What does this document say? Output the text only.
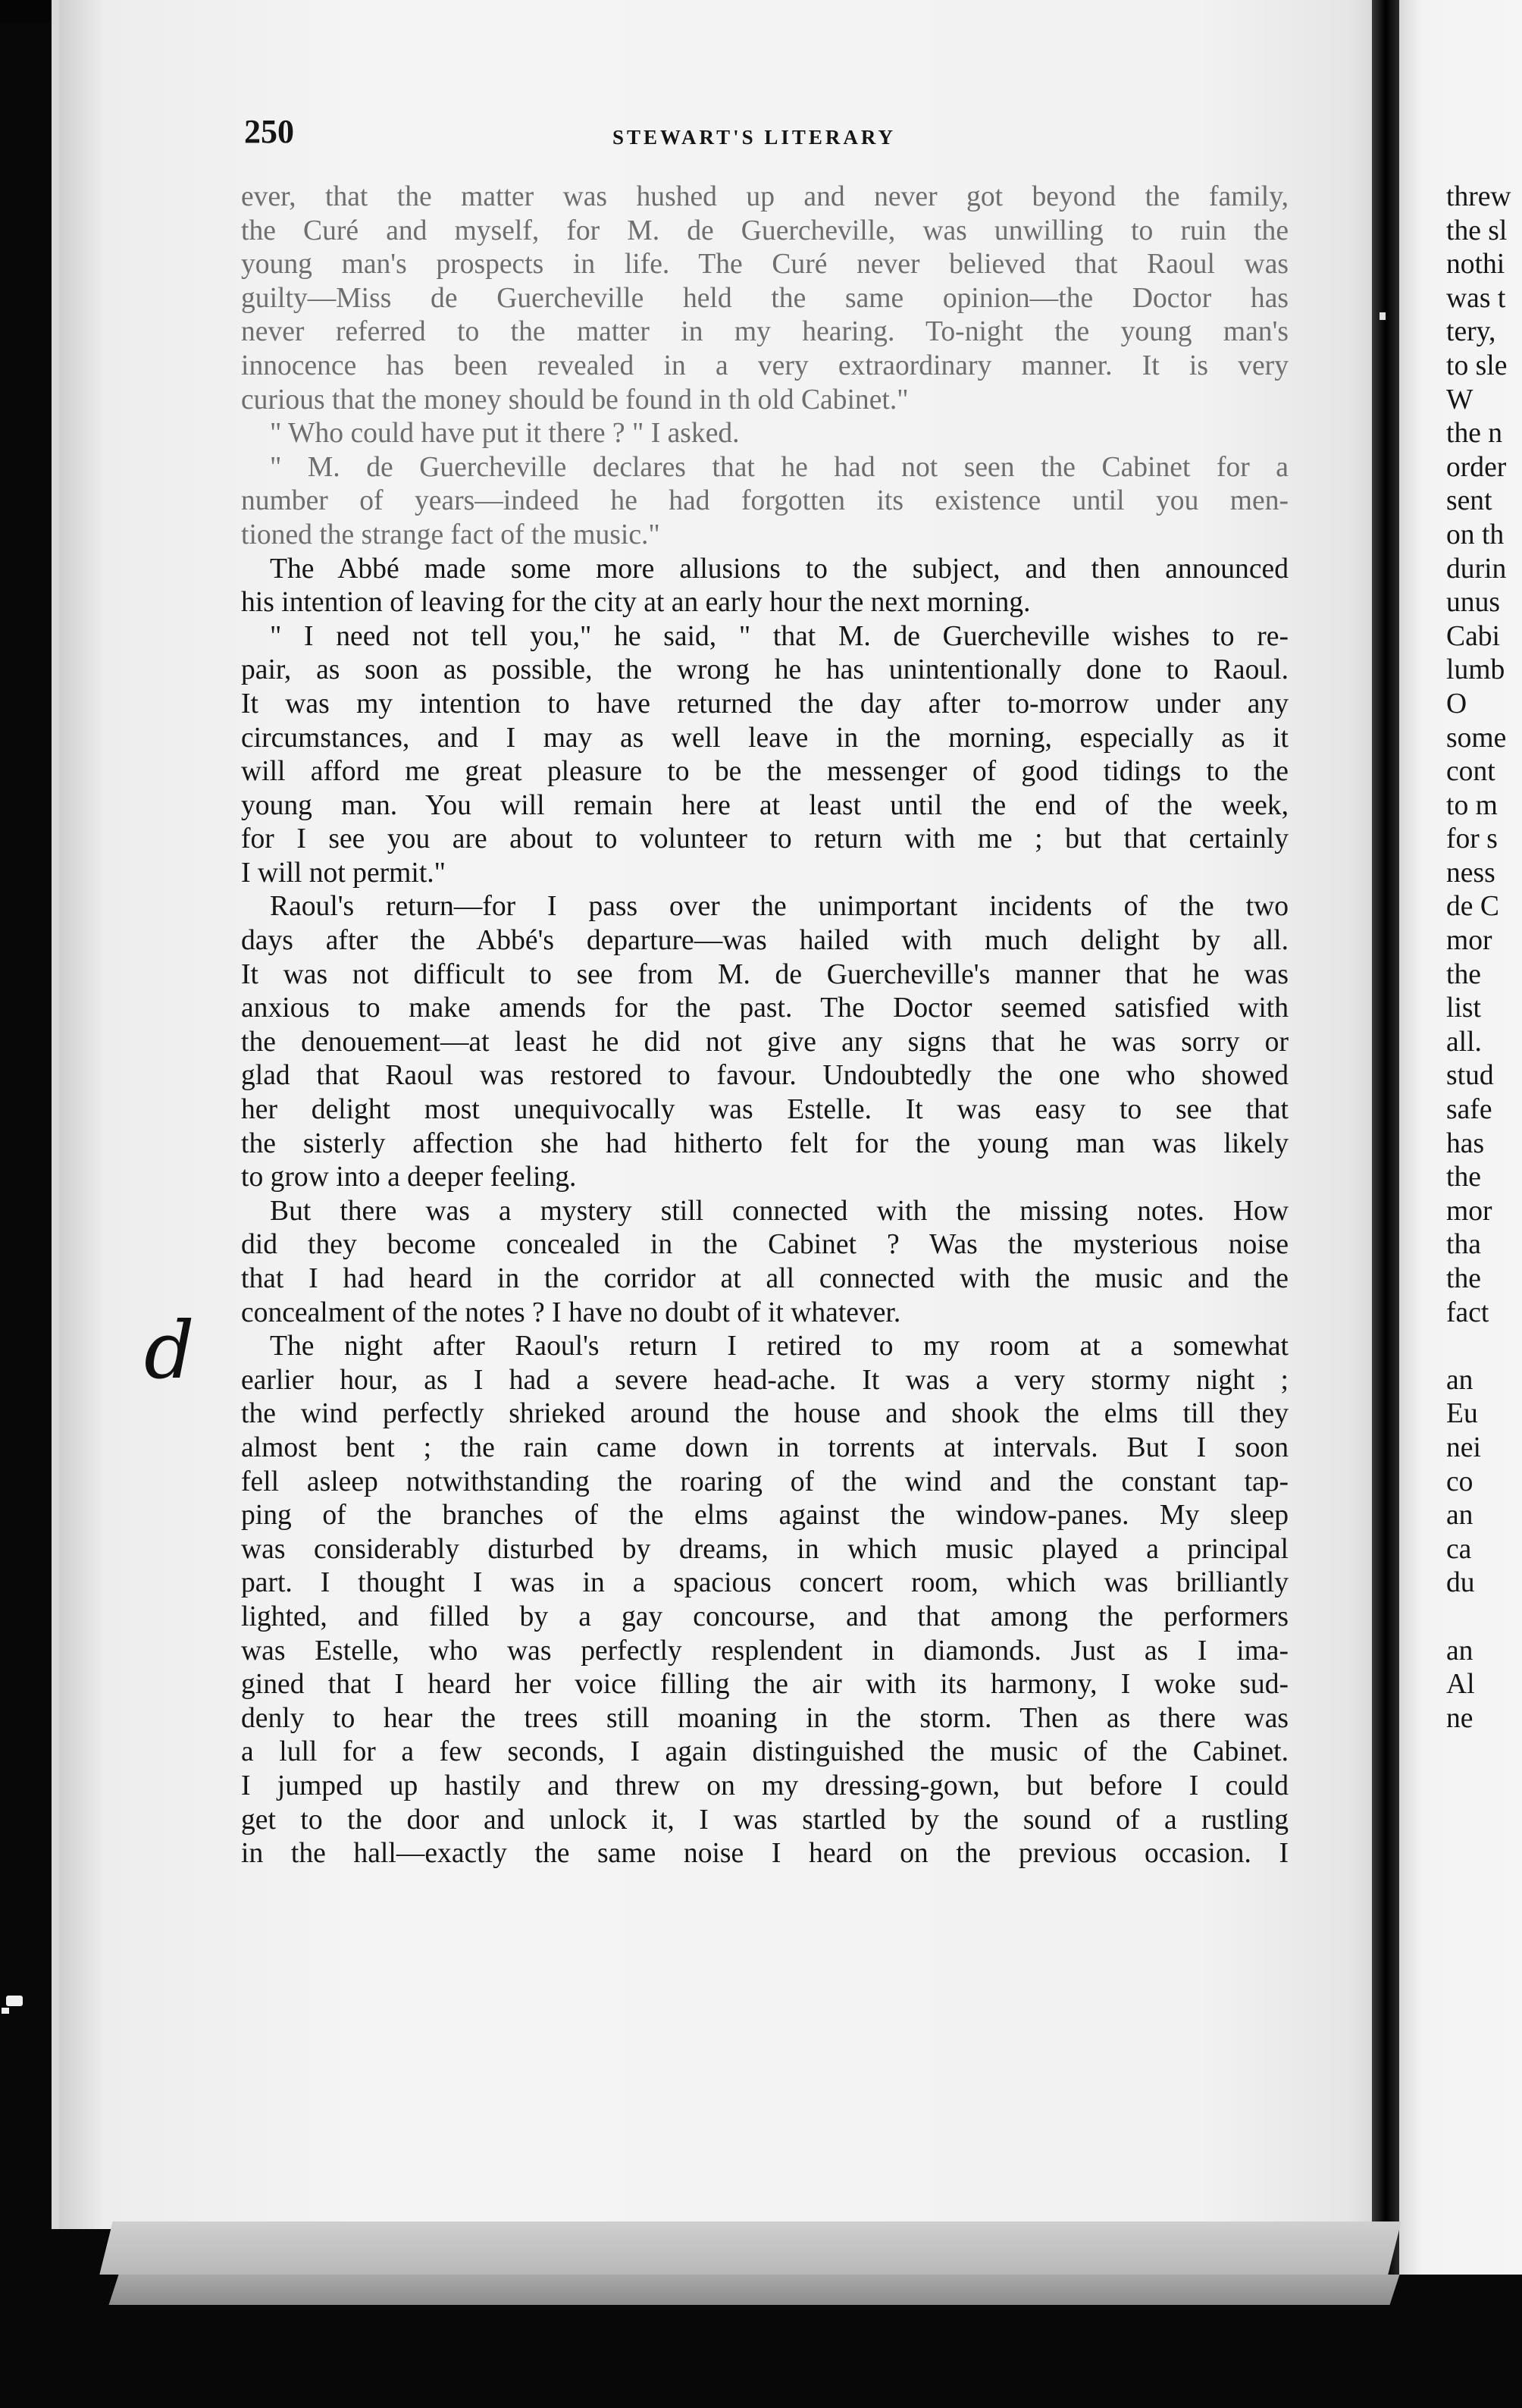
250	STEWART'S LITERARY
ever, that the matter was hushed up and never got beyond the family,
the Curé and myself, for M. de Guercheville, was unwilling to ruin the
young man's prospects in life. The Curé never believed that Raoul was
guilty—Miss de Guercheville held the same opinion—the Doctor has
never referred to the matter in my hearing. To-night the young man's
innocence has been revealed in a very extraordinary manner. It is very
curious that the money should be found in th old Cabinet."
" Who could have put it there ? " I asked.
" M. de Guercheville declares that he had not seen the Cabinet for a
number of years—indeed he had forgotten its existence until you men-
tioned the strange fact of the music."
The Abbé made some more allusions to the subject, and then announced
his intention of leaving for the city at an early hour the next morning.
" I need not tell you," he said, " that M. de Guercheville wishes to re-
pair, as soon as possible, the wrong he has unintentionally done to Raoul.
It was my intention to have returned the day after to-morrow under any
circumstances, and I may as well leave in the morning, especially as it
will afford me great pleasure to be the messenger of good tidings to the
young man. You will remain here at least until the end of the week,
for I see you are about to volunteer to return with me ; but that certainly
I will not permit."
Raoul's return—for I pass over the unimportant incidents of the two
days after the Abbé's departure—was hailed with much delight by all.
It was not difficult to see from M. de Guercheville's manner that he was
anxious to make amends for the past. The Doctor seemed satisfied with
the denouement—at least he did not give any signs that he was sorry or
glad that Raoul was restored to favour. Undoubtedly the one who showed
her delight most unequivocally was Estelle. It was easy to see that
the sisterly affection she had hitherto felt for the young man was likely
to grow into a deeper feeling.
But there was a mystery still connected with the missing notes. How
did they become concealed in the Cabinet ? Was the mysterious noise
that I had heard in the corridor at all connected with the music and the
concealment of the notes ? I have no doubt of it whatever.
The night after Raoul's return I retired to my room at a somewhat
earlier hour, as I had a severe head-ache. It was a very stormy night ;
the wind perfectly shrieked around the house and shook the elms till they
almost bent ; the rain came down in torrents at intervals. But I soon
fell asleep notwithstanding the roaring of the wind and the constant tap-
ping of the branches of the elms against the window-panes. My sleep
was considerably disturbed by dreams, in which music played a principal
part. I thought I was in a spacious concert room, which was brilliantly
lighted, and filled by a gay concourse, and that among the performers
was Estelle, who was perfectly resplendent in diamonds. Just as I ima-
gined that I heard her voice filling the air with its harmony, I woke sud-
denly to hear the trees still moaning in the storm. Then as there was
a lull for a few seconds, I again distinguished the music of the Cabinet.
I jumped up hastily and threw on my dressing-gown, but before I could
get to the door and unlock it, I was startled by the sound of a rustling
in the hall—exactly the same noise I heard on the previous occasion. I
d
threw
the sl
nothi
was t
tery,
to sle
W
the n
order
sent
on th
durin
unus
Cabi
lumb
O
some
cont
to m
for s
ness
de C
mor
the
list
all.
stud
safe
has
the
mor
tha
the
fact
an
Eu
nei
co
an
ca
du
an
Al
ne
